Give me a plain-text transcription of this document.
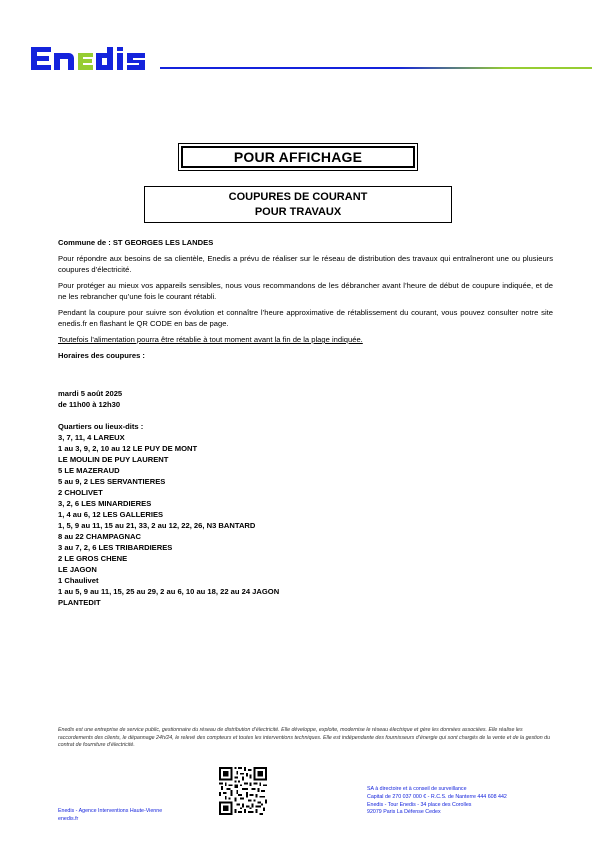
POUR AFFICHAGE
COUPURES DE COURANT
POUR TRAVAUX

Commune de : ST GEORGES LES LANDES

Pour répondre aux besoins de sa clientèle, Enedis a prévu de réaliser sur le réseau de distribution des travaux qui entraîneront une ou plusieurs coupures d’électricité.

Pour protéger au mieux vos appareils sensibles, nous vous recommandons de les débrancher avant l’heure de début de coupure indiquée, et de ne les rebrancher qu’une fois le courant rétabli.

Pendant la coupure pour suivre son évolution et connaître l’heure approximative de rétablissement du courant, vous pouvez consulter notre site enedis.fr en flashant le QR CODE en bas de page.

Toutefois l’alimentation pourra être rétablie à tout moment avant la fin de la plage indiquée.

Horaires des coupures :

mardi 5 août 2025

de 11h00 à 12h30

Quartiers ou lieux-dits :

3, 7, 11, 4 LAREUX

1 au 3, 9, 2, 10 au 12 LE PUY DE MONT

LE MOULIN DE PUY LAURENT

5 LE MAZERAUD

5 au 9, 2 LES SERVANTIERES

2 CHOLIVET

3, 2, 6 LES MINARDIERES

1, 4 au 6, 12 LES GALLERIES

1, 5, 9 au 11, 15 au 21, 33, 2 au 12, 22, 26, N3 BANTARD

8 au 22 CHAMPAGNAC

3 au 7, 2, 6 LES TRIBARDIERES

2 LE GROS CHENE

LE JAGON

1 Chaulivet

1 au 5, 9 au 11, 15, 25 au 29, 2 au 6, 10 au 18, 22 au 24 JAGON

PLANTEDIT

Enedis est une entreprise de service public, gestionnaire du réseau de distribution d’électricité. Elle développe, exploite, modernise le réseau électrique et gère les données associées. Elle réalise les raccordements des clients, le dépannage 24h/24, le relevé des compteurs et toutes les interventions techniques. Elle est indépendante des fournisseurs d’énergie qui sont chargés de la vente et de la gestion du contrat de fourniture d’électricité.
Enedis - Agence Interventions Haute-Vienne
enedis.fr
SA à directoire et à conseil de surveillance
Capital de 270 037 000 € - R.C.S. de Nanterre 444 608 442
Enedis - Tour Enedis - 34 place des Corolles
92079 Paris La Défense Cedex
